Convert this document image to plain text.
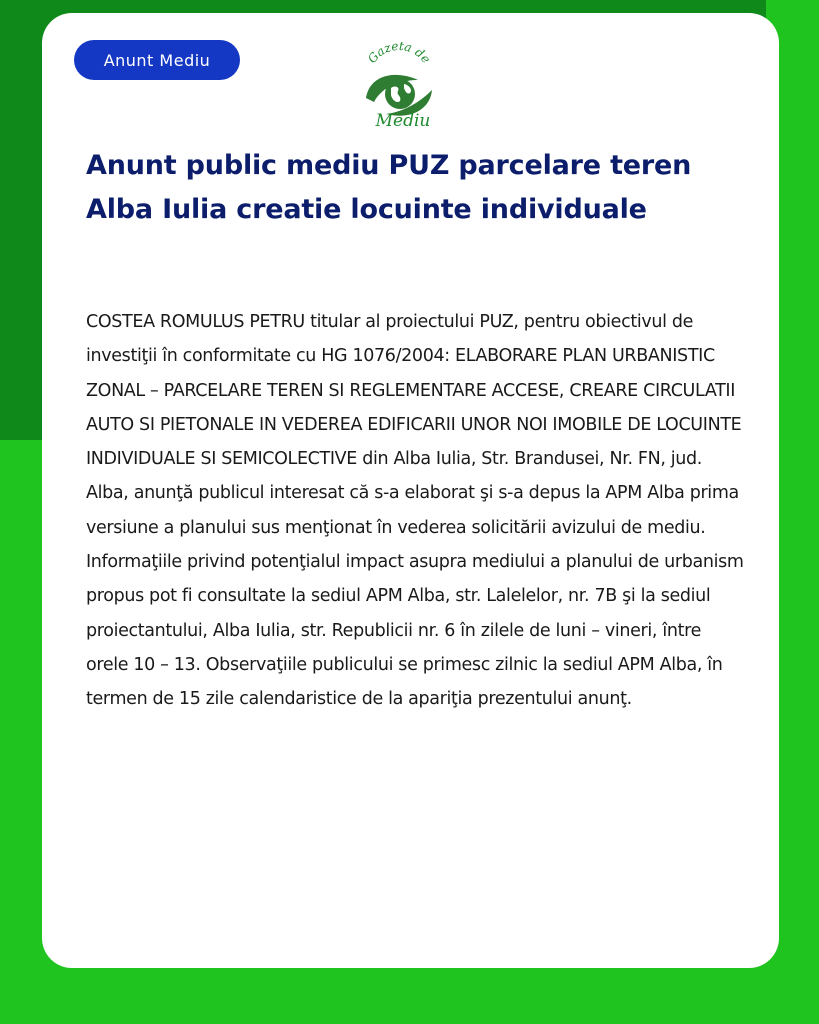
Anunt Mediu	Gazeta de
Mediu
Anunt public mediu PUZ parcelare teren Alba Iulia creatie locuinte individuale

COSTEA ROMULUS PETRU titular al proiectului PUZ, pentru obiectivul de investiţii în conformitate cu HG 1076/2004: ELABORARE PLAN URBANISTIC ZONAL – PARCELARE TEREN SI REGLEMENTARE ACCESE, CREARE CIRCULATII AUTO SI PIETONALE IN VEDEREA EDIFICARII UNOR NOI IMOBILE DE LOCUINTE INDIVIDUALE SI SEMICOLECTIVE din Alba Iulia, Str. Brandusei, Nr. FN, jud. Alba, anunţă publicul interesat că s-a elaborat şi s-a depus la APM Alba prima versiune a planului sus menţionat în vederea solicitării avizului de mediu. Informaţiile privind potenţialul impact asupra mediului a planului de urbanism propus pot fi consultate la sediul APM Alba, str. Lalelelor, nr. 7B şi la sediul proiectantului, Alba Iulia, str. Republicii nr. 6 în zilele de luni – vineri, între orele 10 – 13. Observaţiile publicului se primesc zilnic la sediul APM Alba, în termen de 15 zile calendaristice de la apariţia prezentului anunţ.
